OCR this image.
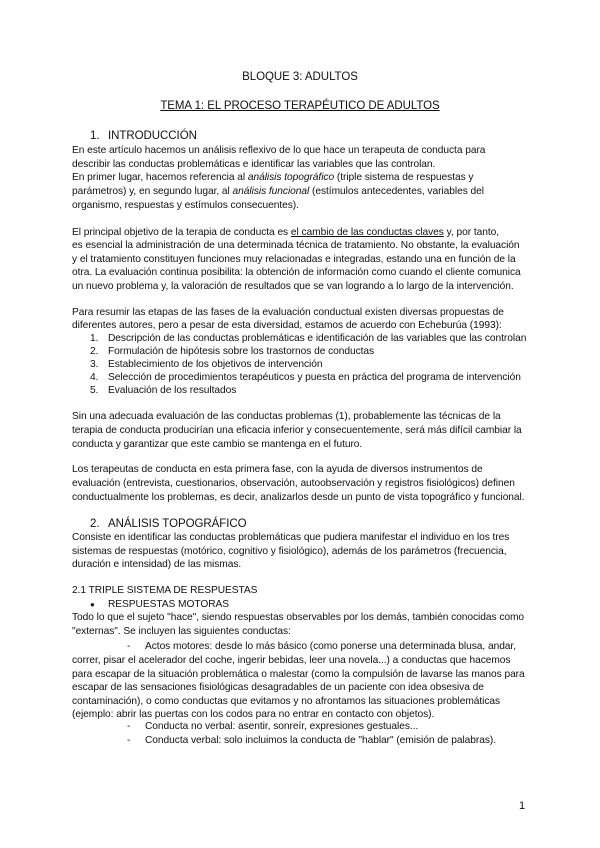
BLOQUE 3: ADULTOS
TEMA 1: EL PROCESO TERAPÉUTICO DE ADULTOS
1. INTRODUCCIÓN
En este artículo hacemos un análisis reflexivo de lo que hace un terapeuta de conducta para
describir las conductas problemáticas e identificar las variables que las controlan.
En primer lugar, hacemos referencia al análisis topográfico (triple sistema de respuestas y
parámetros) y, en segundo lugar, al análisis funcional (estímulos antecedentes, variables del
organismo, respuestas y estímulos consecuentes).
El principal objetivo de la terapia de conducta es el cambio de las conductas claves y, por tanto,
es esencial la administración de una determinada técnica de tratamiento. No obstante, la evaluación
y el tratamiento constituyen funciones muy relacionadas e integradas, estando una en función de la
otra. La evaluación continua posibilita: la obtención de información como cuando el cliente comunica
un nuevo problema y, la valoración de resultados que se van logrando a lo largo de la intervención.
Para resumir las etapas de las fases de la evaluación conductual existen diversas propuestas de
diferentes autores, pero a pesar de esta diversidad, estamos de acuerdo con Echeburúa (1993):
1. Descripción de las conductas problemáticas e identificación de las variables que las controlan
2. Formulación de hipótesis sobre los trastornos de conductas
3. Establecimiento de los objetivos de intervención
4. Selección de procedimientos terapéuticos y puesta en práctica del programa de intervención
5. Evaluación de los resultados
Sin una adecuada evaluación de las conductas problemas (1), probablemente las técnicas de la
terapia de conducta producirían una eficacia inferior y consecuentemente, será más difícil cambiar la
conducta y garantizar que este cambio se mantenga en el futuro.
Los terapeutas de conducta en esta primera fase, con la ayuda de diversos instrumentos de
evaluación (entrevista, cuestionarios, observación, autoobservación y registros fisiológicos) definen
conductualmente los problemas, es decir, analizarlos desde un punto de vista topográfico y funcional.
2. ANÁLISIS TOPOGRÁFICO
Consiste en identificar las conductas problemáticas que pudiera manifestar el individuo en los tres
sistemas de respuestas (motórico, cognitivo y fisiológico), además de los parámetros (frecuencia,
duración e intensidad) de las mismas.
2.1 TRIPLE SISTEMA DE RESPUESTAS
● RESPUESTAS MOTORAS
Todo lo que el sujeto "hace", siendo respuestas observables por los demás, también conocidas como
"externas". Se incluyen las siguientes conductas:
- Actos motores: desde lo más básico (como ponerse una determinada blusa, andar,
correr, pisar el acelerador del coche, ingerir bebidas, leer una novela...) a conductas que hacemos
para escapar de la situación problemática o malestar (como la compulsión de lavarse las manos para
escapar de las sensaciones fisiológicas desagradables de un paciente con idea obsesiva de
contaminación), o como conductas que evitamos y no afrontamos las situaciones problemáticas
(ejemplo: abrir las puertas con los codos para no entrar en contacto con objetos).
- Conducta no verbal: asentir, sonreír, expresiones gestuales...
- Conducta verbal: solo incluimos la conducta de "hablar" (emisión de palabras).
1
